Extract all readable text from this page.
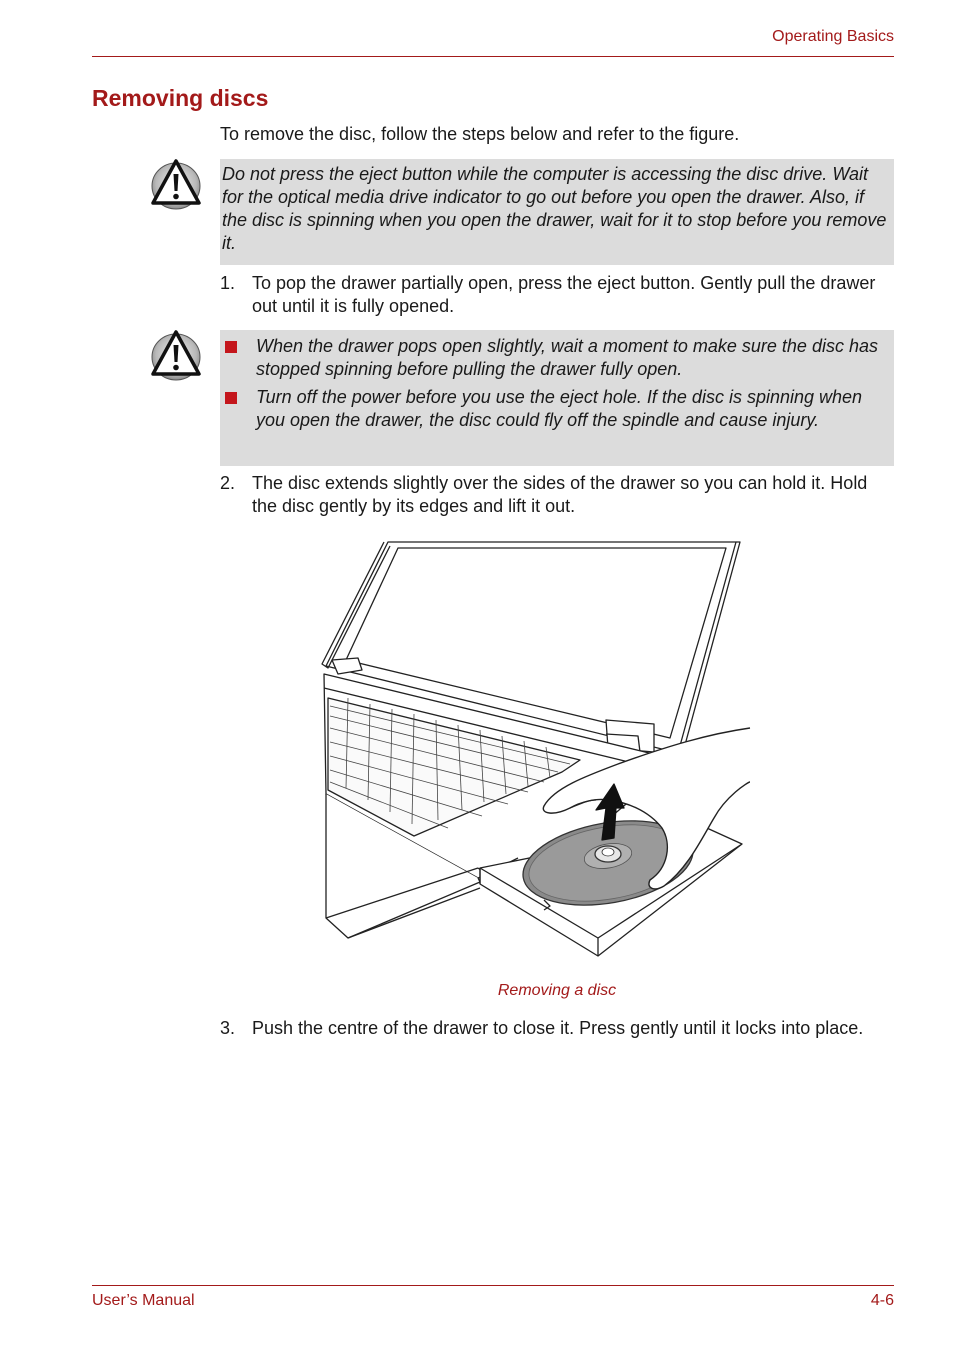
Operating Basics
Removing discs
To remove the disc, follow the steps below and refer to the figure.
Do not press the eject button while the computer is accessing the disc drive. Wait for the optical media drive indicator to go out before you open the drawer. Also, if the disc is spinning when you open the drawer, wait for it to stop before you remove it.
1. To pop the drawer partially open, press the eject button. Gently pull the drawer out until it is fully opened.
When the drawer pops open slightly, wait a moment to make sure the disc has stopped spinning before pulling the drawer fully open.
Turn off the power before you use the eject hole. If the disc is spinning when you open the drawer, the disc could fly off the spindle and cause injury.
2. The disc extends slightly over the sides of the drawer so you can hold it. Hold the disc gently by its edges and lift it out.
Removing a disc
3. Push the centre of the drawer to close it. Press gently until it locks into place.
User’s Manual	4-6
